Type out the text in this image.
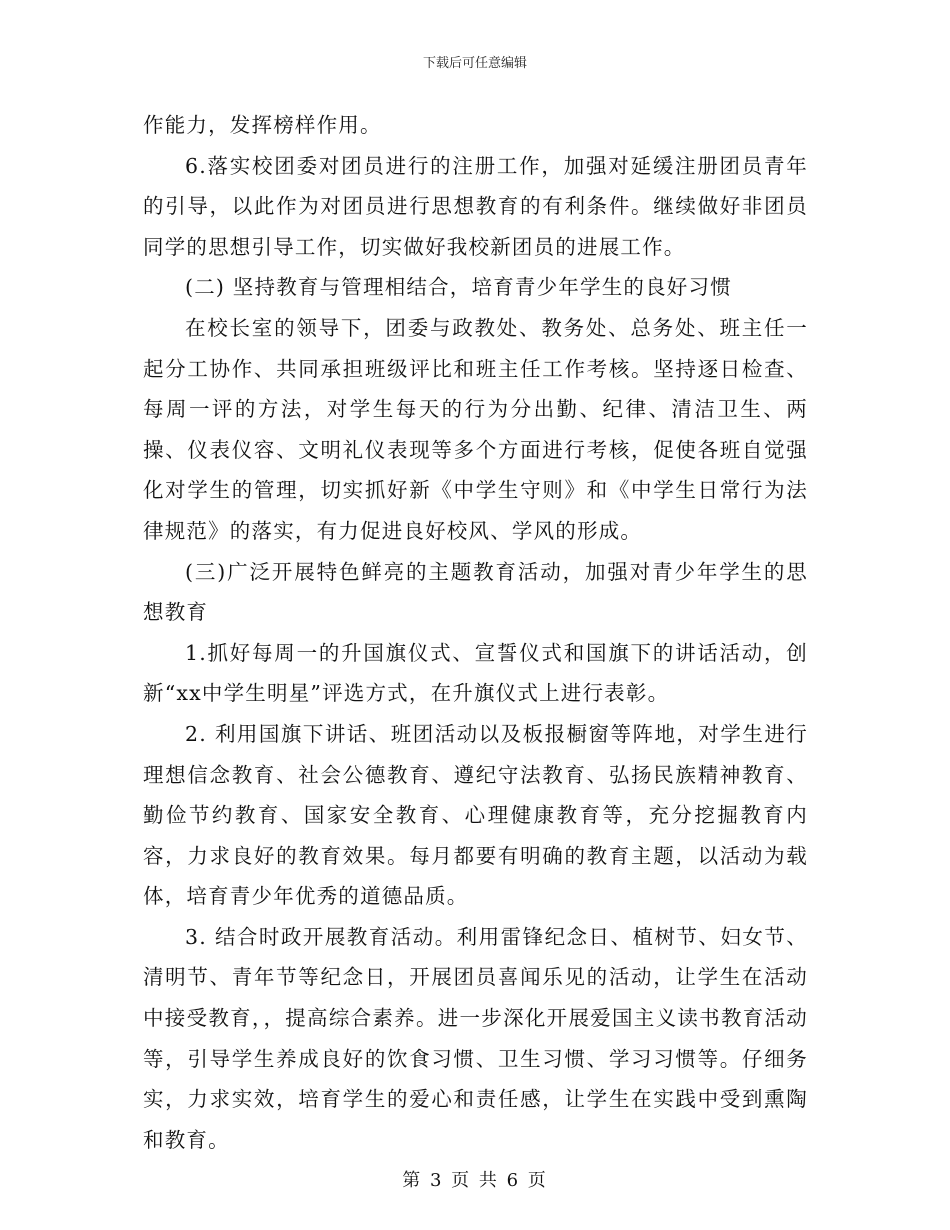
下载后可任意编辑

作能力，发挥榜样作用。

6.落实校团委对团员进行的注册工作，加强对延缓注册团员青年的引导，以此作为对团员进行思想教育的有利条件。继续做好非团员同学的思想引导工作，切实做好我校新团员的进展工作。

(二) 坚持教育与管理相结合，培育青少年学生的良好习惯

在校长室的领导下，团委与政教处、教务处、总务处、班主任一起分工协作、共同承担班级评比和班主任工作考核。坚持逐日检查、每周一评的方法，对学生每天的行为分出勤、纪律、清洁卫生、两操、仪表仪容、文明礼仪表现等多个方面进行考核，促使各班自觉强化对学生的管理，切实抓好新《中学生守则》和《中学生日常行为法律规范》的落实，有力促进良好校风、学风的形成。

(三)广泛开展特色鲜亮的主题教育活动，加强对青少年学生的思想教育

1.抓好每周一的升国旗仪式、宣誓仪式和国旗下的讲话活动，创新“xx中学生明星”评选方式，在升旗仪式上进行表彰。

2. 利用国旗下讲话、班团活动以及板报橱窗等阵地，对学生进行理想信念教育、社会公德教育、遵纪守法教育、弘扬民族精神教育、勤俭节约教育、国家安全教育、心理健康教育等，充分挖掘教育内容，力求良好的教育效果。每月都要有明确的教育主题，以活动为载体，培育青少年优秀的道德品质。

3. 结合时政开展教育活动。利用雷锋纪念日、植树节、妇女节、清明节、青年节等纪念日，开展团员喜闻乐见的活动，让学生在活动中接受教育，，提高综合素养。进一步深化开展爱国主义读书教育活动等，引导学生养成良好的饮食习惯、卫生习惯、学习习惯等。仔细务实，力求实效，培育学生的爱心和责任感，让学生在实践中受到熏陶和教育。

第 3 页 共 6 页
